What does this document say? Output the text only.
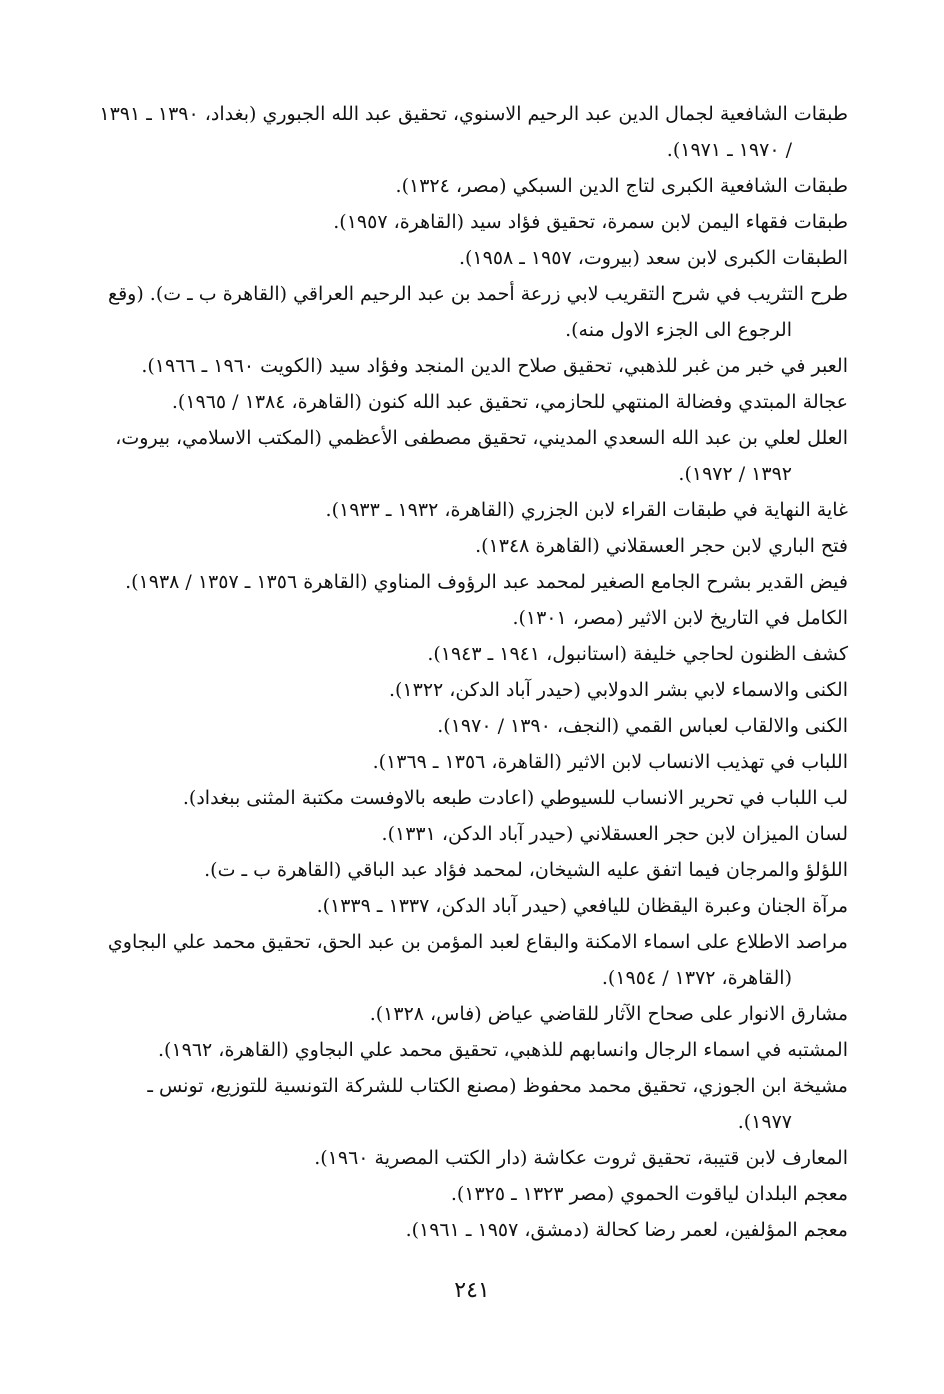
طبقات الشافعية لجمال الدين عبد الرحيم الاسنوي، تحقيق عبد الله الجبوري (بغداد، ١٣٩٠ ـ ١٣٩١ / ١٩٧٠ ـ ١٩٧١).

طبقات الشافعية الكبرى لتاج الدين السبكي (مصر، ١٣٢٤).

طبقات فقهاء اليمن لابن سمرة، تحقيق فؤاد سيد (القاهرة، ١٩٥٧).

الطبقات الكبرى لابن سعد (بيروت، ١٩٥٧ ـ ١٩٥٨).

طرح التثريب في شرح التقريب لابي زرعة أحمد بن عبد الرحيم العراقي (القاهرة ب ـ ت). (وقع الرجوع الى الجزء الاول منه).

العبر في خبر من غبر للذهبي، تحقيق صلاح الدين المنجد وفؤاد سيد (الكويت ١٩٦٠ ـ ١٩٦٦).

عجالة المبتدي وفضالة المنتهي للحازمي، تحقيق عبد الله كنون (القاهرة، ١٣٨٤ / ١٩٦٥).

العلل لعلي بن عبد الله السعدي المديني، تحقيق مصطفى الأعظمي (المكتب الاسلامي، بيروت، ١٣٩٢ / ١٩٧٢).

غاية النهاية في طبقات القراء لابن الجزري (القاهرة، ١٩٣٢ ـ ١٩٣٣).

فتح الباري لابن حجر العسقلاني (القاهرة ١٣٤٨).

فيض القدير بشرح الجامع الصغير لمحمد عبد الرؤوف المناوي (القاهرة ١٣٥٦ ـ ١٣٥٧ / ١٩٣٨).

الكامل في التاريخ لابن الاثير (مصر، ١٣٠١).

كشف الظنون لحاجي خليفة (استانبول، ١٩٤١ ـ ١٩٤٣).

الكنى والاسماء لابي بشر الدولابي (حيدر آباد الدكن، ١٣٢٢).

الكنى والالقاب لعباس القمي (النجف، ١٣٩٠ / ١٩٧٠).

اللباب في تهذيب الانساب لابن الاثير (القاهرة، ١٣٥٦ ـ ١٣٦٩).

لب اللباب في تحرير الانساب للسيوطي (اعادت طبعه بالاوفست مكتبة المثنى ببغداد).

لسان الميزان لابن حجر العسقلاني (حيدر آباد الدكن، ١٣٣١).

اللؤلؤ والمرجان فيما اتفق عليه الشيخان، لمحمد فؤاد عبد الباقي (القاهرة ب ـ ت).

مرآة الجنان وعبرة اليقظان لليافعي (حيدر آباد الدكن، ١٣٣٧ ـ ١٣٣٩).

مراصد الاطلاع على اسماء الامكنة والبقاع لعبد المؤمن بن عبد الحق، تحقيق محمد علي البجاوي (القاهرة، ١٣٧٢ / ١٩٥٤).

مشارق الانوار على صحاح الآثار للقاضي عياض (فاس، ١٣٢٨).

المشتبه في اسماء الرجال وانسابهم للذهبي، تحقيق محمد علي البجاوي (القاهرة، ١٩٦٢).

مشيخة ابن الجوزي، تحقيق محمد محفوظ (مصنع الكتاب للشركة التونسية للتوزيع، تونس ـ ١٩٧٧).

المعارف لابن قتيبة، تحقيق ثروت عكاشة (دار الكتب المصرية ١٩٦٠).

معجم البلدان لياقوت الحموي (مصر ١٣٢٣ ـ ١٣٢٥).

معجم المؤلفين، لعمر رضا كحالة (دمشق، ١٩٥٧ ـ ١٩٦١).

٢٤١
